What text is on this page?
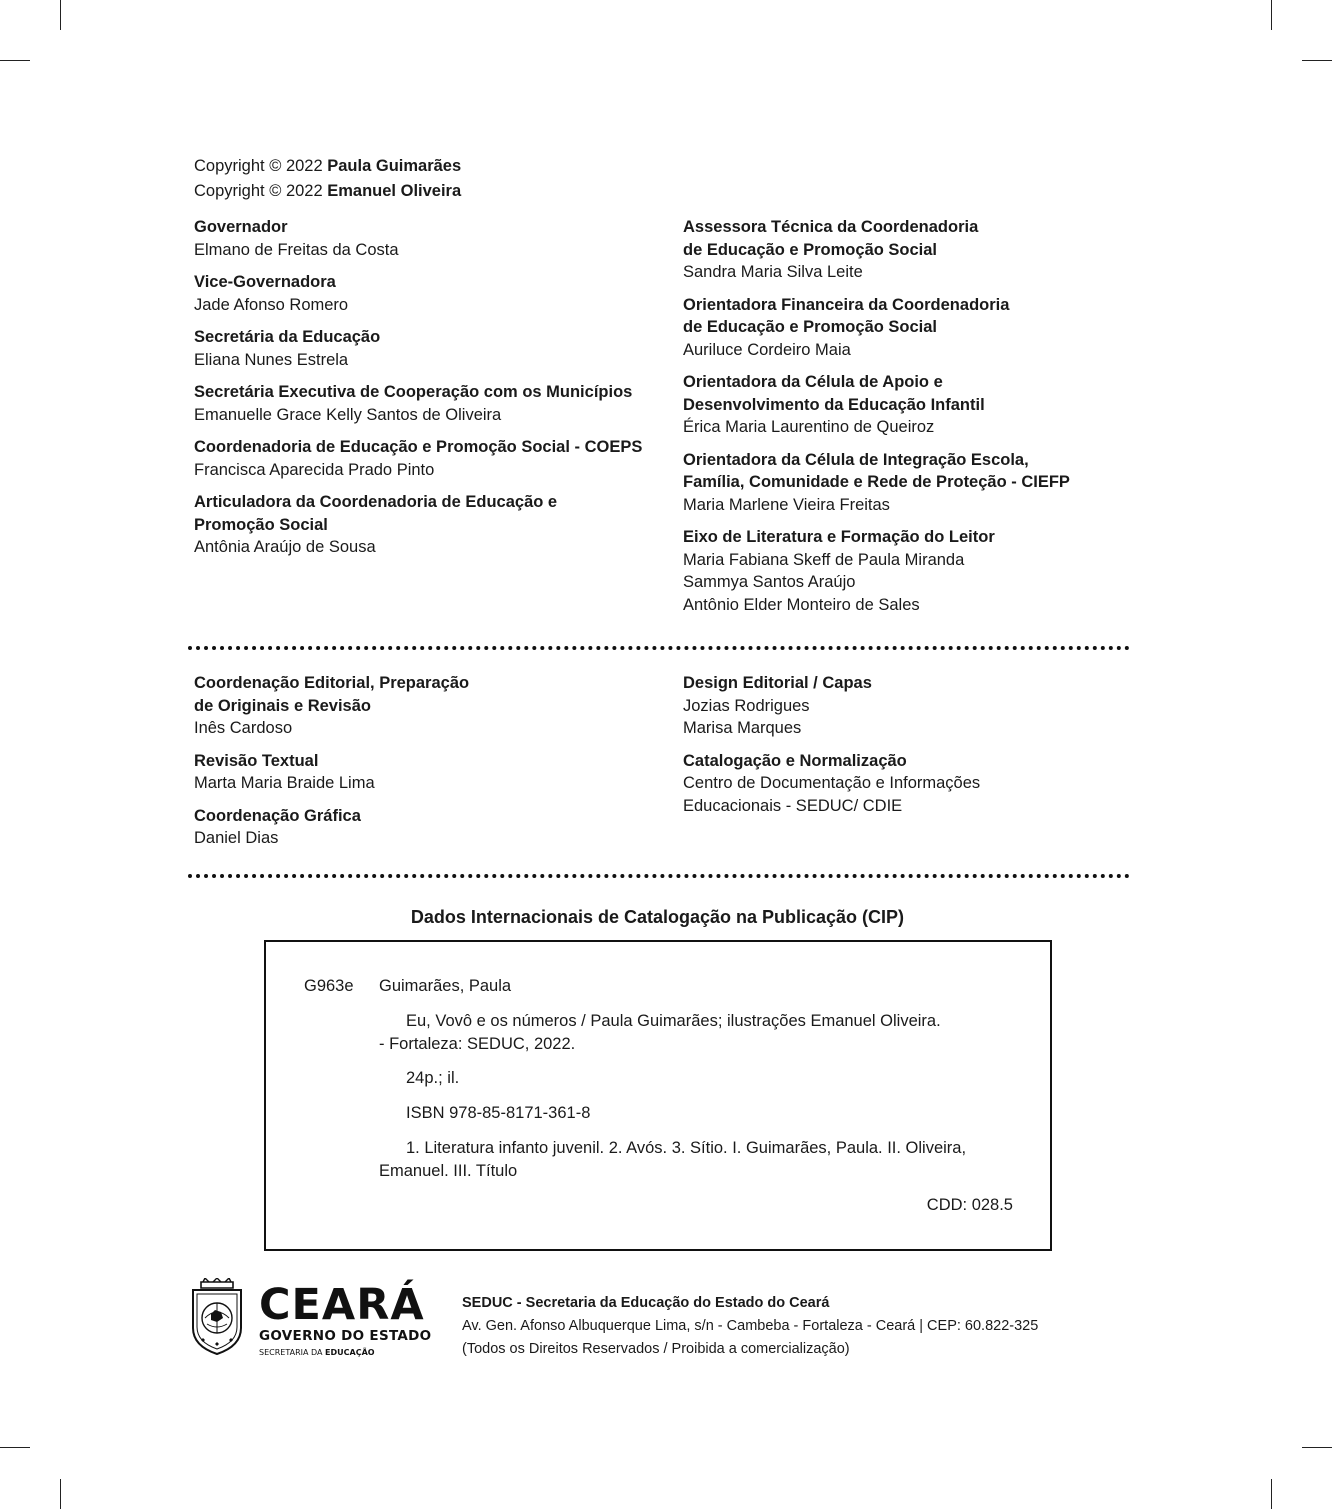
Copyright © 2022 Paula Guimarães
Copyright © 2022 Emanuel Oliveira
Governador
Elmano de Freitas da Costa
Vice-Governadora
Jade Afonso Romero
Secretária da Educação
Eliana Nunes Estrela
Secretária Executiva de Cooperação com os Municípios
Emanuelle Grace Kelly Santos de Oliveira
Coordenadoria de Educação e Promoção Social - COEPS
Francisca Aparecida Prado Pinto
Articuladora da Coordenadoria de Educação e Promoção Social
Antônia Araújo de Sousa
Assessora Técnica da Coordenadoria de Educação e Promoção Social
Sandra Maria Silva Leite
Orientadora Financeira da Coordenadoria de Educação e Promoção Social
Auriluce Cordeiro Maia
Orientadora da Célula de Apoio e Desenvolvimento da Educação Infantil
Érica Maria Laurentino de Queiroz
Orientadora da Célula de Integração Escola, Família, Comunidade e Rede de Proteção - CIEFP
Maria Marlene Vieira Freitas
Eixo de Literatura e Formação do Leitor
Maria Fabiana Skeff de Paula Miranda
Sammya Santos Araújo
Antônio Elder Monteiro de Sales
Coordenação Editorial, Preparação de Originais e Revisão
Inês Cardoso
Revisão Textual
Marta Maria Braide Lima
Coordenação Gráfica
Daniel Dias
Design Editorial / Capas
Jozias Rodrigues
Marisa Marques
Catalogação e Normalização
Centro de Documentação e Informações Educacionais - SEDUC/ CDIE
Dados Internacionais de Catalogação na Publicação (CIP)

G963e Guimarães, Paula

Eu, Vovô e os números / Paula Guimarães; ilustrações Emanuel Oliveira.
- Fortaleza: SEDUC, 2022.

24p.; il.

ISBN 978-85-8171-361-8

1. Literatura infanto juvenil. 2. Avós. 3. Sítio. I. Guimarães, Paula. II. Oliveira,
Emanuel. III. Título

CDD: 028.5

CEARÁ
GOVERNO DO ESTADO
SECRETARIA DA EDUCAÇÃO
SEDUC - Secretaria da Educação do Estado do Ceará
Av. Gen. Afonso Albuquerque Lima, s/n - Cambeba - Fortaleza - Ceará | CEP: 60.822-325
(Todos os Direitos Reservados / Proibida a comercialização)
